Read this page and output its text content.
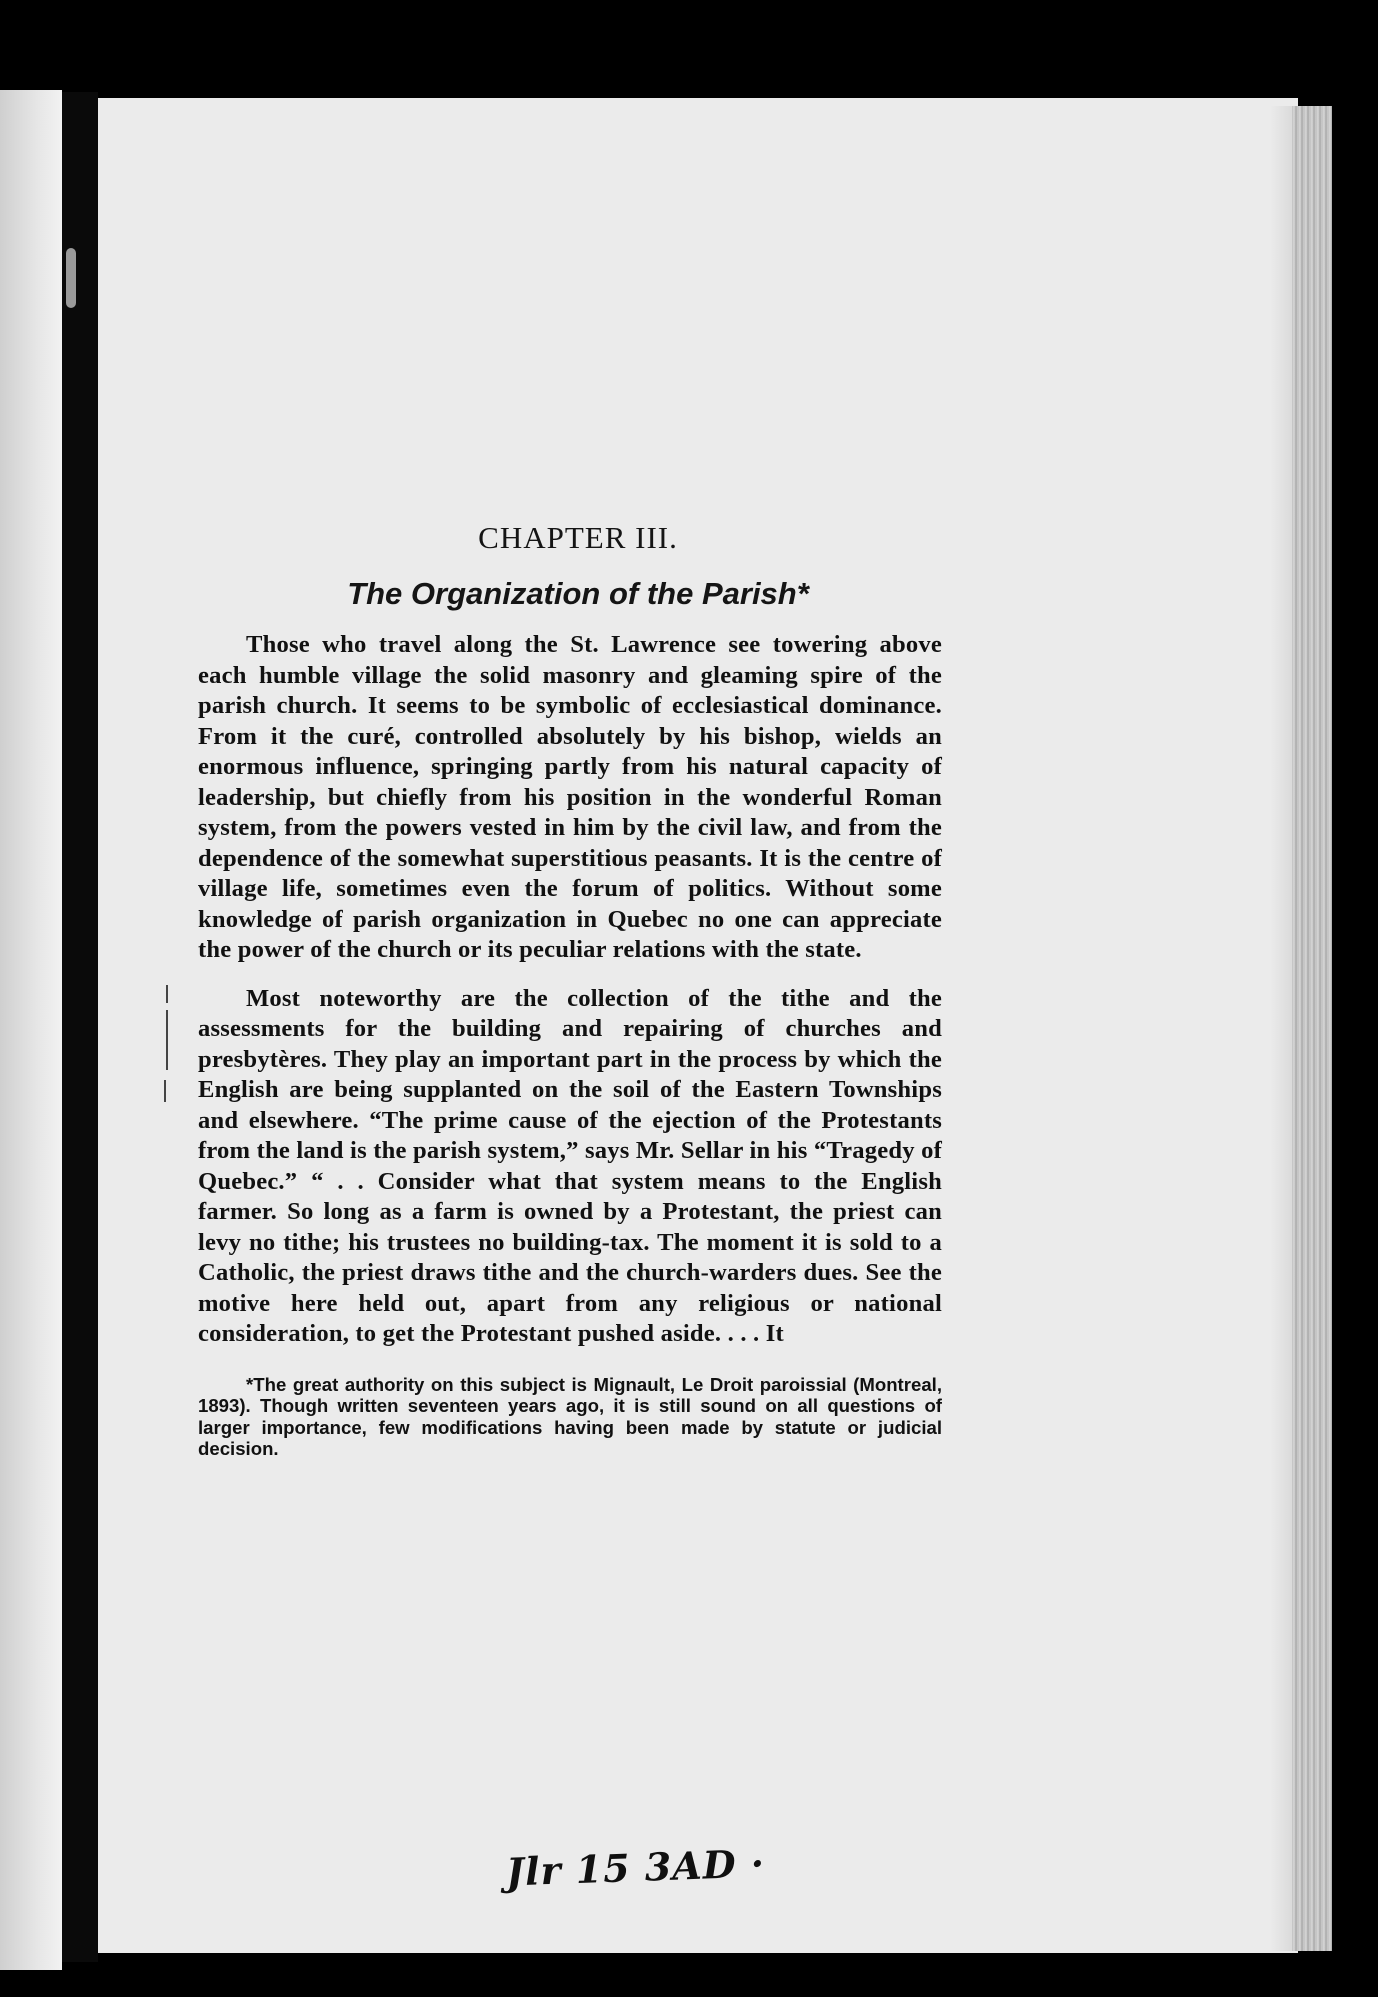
CHAPTER III.
The Organization of the Parish*

Those who travel along the St. Lawrence see towering above each humble village the solid masonry and gleaming spire of the parish church. It seems to be symbolic of ecclesiastical dominance. From it the curé, controlled absolutely by his bishop, wields an enormous influence, springing partly from his natural capacity of leadership, but chiefly from his position in the wonderful Roman system, from the powers vested in him by the civil law, and from the dependence of the somewhat superstitious peasants. It is the centre of village life, sometimes even the forum of politics. Without some knowledge of parish organization in Quebec no one can appreciate the power of the church or its peculiar relations with the state.

Most noteworthy are the collection of the tithe and the assessments for the building and repairing of churches and presbytères. They play an important part in the process by which the English are being supplanted on the soil of the Eastern Townships and elsewhere. “The prime cause of the ejection of the Protestants from the land is the parish system,” says Mr. Sellar in his “Tragedy of Quebec.” “ . . Consider what that system means to the English farmer. So long as a farm is owned by a Protestant, the priest can levy no tithe; his trustees no building-tax. The moment it is sold to a Catholic, the priest draws tithe and the church-warders dues. See the motive here held out, apart from any religious or national consideration, to get the Protestant pushed aside. . . . It

*The great authority on this subject is Mignault, Le Droit paroissial (Montreal, 1893). Though written seventeen years ago, it is still sound on all questions of larger importance, few modifications having been made by statute or judicial decision.

Jlr 15 3AD ·
